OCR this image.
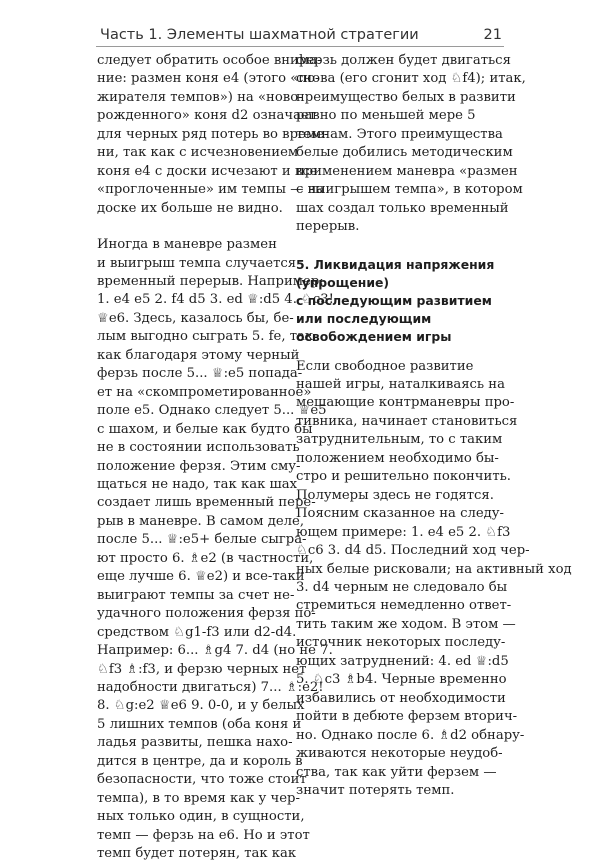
Часть 1. Элементы шахматной стратегии	21
следует обратить особое внима-
ние: размен коня e4 (этого «по-
жирателя темпов») на «ново-
рожденного» коня d2 означает
для черных ряд потерь во време-
ни, так как с исчезновением
коня e4 с доски исчезают и все
«проглоченные» им темпы — на
доске их больше не видно.
Иногда в маневре размен
и выигрыш темпа случается
временный перерыв. Например:
1. e4 e5 2. f4 d5 3. ed ♕:d5 4. ♘c3!
♕e6. Здесь, казалось бы, бе-
лым выгодно сыграть 5. fe, так
как благодаря этому черный
ферзь после 5... ♕:e5 попада-
ет на «скомпрометированное»
поле e5. Однако следует 5... ♕e5
с шахом, и белые как будто бы
не в состоянии использовать
положение ферзя. Этим сму-
щаться не надо, так как шах
создает лишь временный пере-
рыв в маневре. В самом деле,
после 5... ♕:e5+ белые сыгра-
ют просто 6. ♗e2 (в частности,
еще лучше 6. ♕e2) и все-таки
выиграют темпы за счет не-
удачного положения ферзя по-
средством ♘g1-f3 или d2-d4.
Например: 6... ♗g4 7. d4 (но не 7.
♘f3 ♗:f3, и ферзю черных нет
надобности двигаться) 7... ♗:e2!
8. ♘g:e2 ♕e6 9. 0-0, и у белых
5 лишних темпов (оба коня и
ладья развиты, пешка нахо-
дится в центре, да и король в
безопасности, что тоже стоит
темпа), в то время как у чер-
ных только один, в сущности,
темп — ферзь на e6. Но и этот
темп будет потерян, так как
ферзь должен будет двигаться
снова (его сгонит ход ♘f4); итак,
преимущество белых в развити
равно по меньшей мере 5
темпам. Этого преимущества
белые добились методическим
применением маневра «размен
с выигрышем темпа», в котором
шах создал только временный
перерыв.
5. Ликвидация напряжения
(упрощение)
с последующим развитием
или последующим
освобождением игры
Если свободное развитие
нашей игры, наталкиваясь на
мешающие контрманевры про-
тивника, начинает становиться
затруднительным, то с таким
положением необходимо бы-
стро и решительно покончить.
Полумеры здесь не годятся.
Поясним сказанное на следу-
ющем примере: 1. e4 e5 2. ♘f3
♘c6 3. d4 d5. Последний ход чер-
ных белые рисковали; на активный ход
3. d4 черным не следовало бы
стремиться немедленно ответ-
тить таким же ходом. В этом —
источник некоторых последу-
ющих затруднений: 4. ed ♕:d5
5. ♘c3 ♗b4. Черные временно
избавились от необходимости
пойти в дебюте ферзем вторич-
но. Однако после 6. ♗d2 обнару-
живаются некоторые неудоб-
ства, так как уйти ферзем —
значит потерять темп.
